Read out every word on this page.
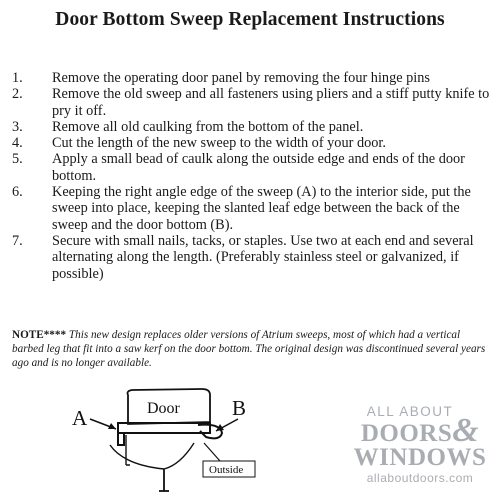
Door Bottom Sweep Replacement Instructions
1. Remove the operating door panel by removing the four hinge pins
2. Remove the old sweep and all fasteners using pliers and a stiff putty knife to pry it off.
3. Remove all old caulking from the bottom of the panel.
4. Cut the length of the new sweep to the width of your door.
5. Apply a small bead of caulk along the outside edge and ends of the door bottom.
6. Keeping the right angle edge of the sweep (A) to the interior side, put the sweep into place, keeping the slanted leaf edge between the back of the sweep and the door bottom (B).
7. Secure with small nails, tacks, or staples. Use two at each end and several alternating along the length. (Preferably stainless steel or galvanized, if possible)
NOTE**** This new design replaces older versions of Atrium sweeps, most of which had a vertical barbed leg that fit into a saw kerf on the door bottom. The original design was discontinued several years ago and is no longer available.
Door
A	B
Outside
ALL ABOUT
DOORS&
WINDOWS
allaboutdoors.com
